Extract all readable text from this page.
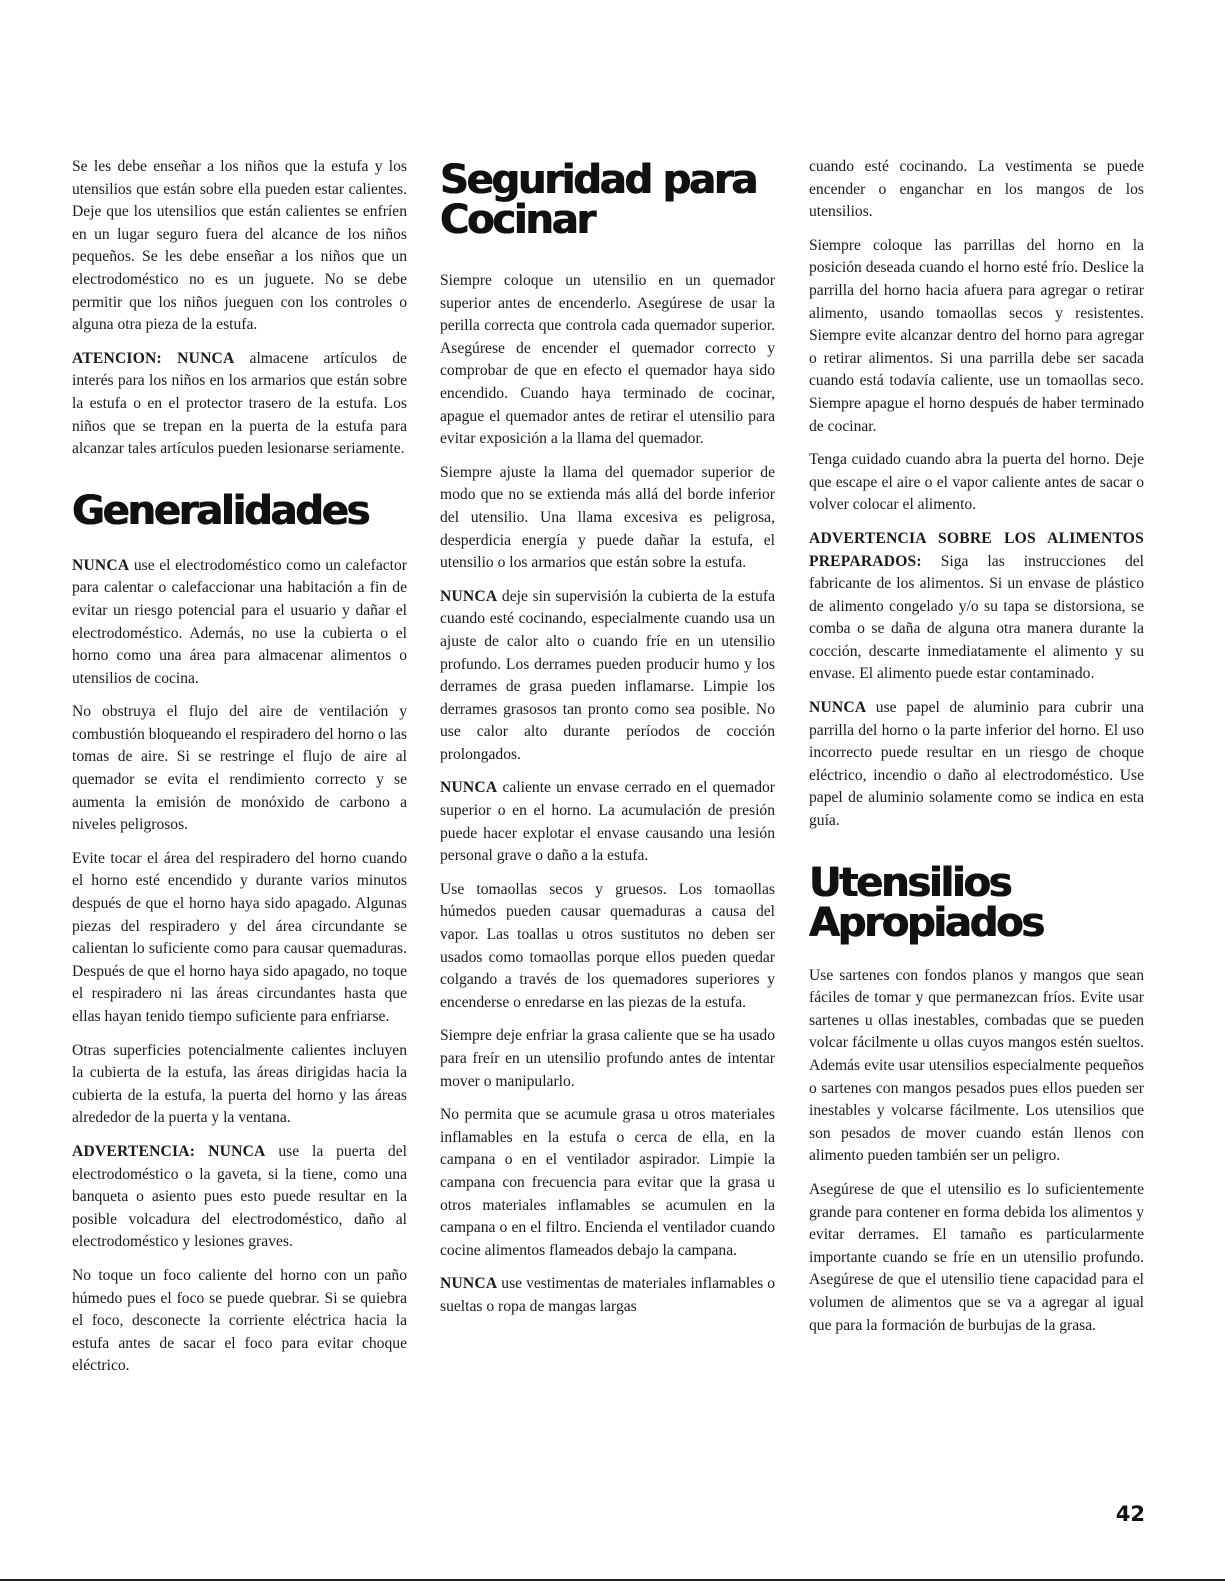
Se les debe enseñar a los niños que la estufa y los utensilios que están sobre ella pueden estar calientes. Deje que los utensilios que están calientes se enfríen en un lugar seguro fuera del alcance de los niños pequeños. Se les debe enseñar a los niños que un electrodoméstico no es un juguete. No se debe permitir que los niños jueguen con los controles o alguna otra pieza de la estufa.

ATENCION: NUNCA almacene artículos de interés para los niños en los armarios que están sobre la estufa o en el protector trasero de la estufa. Los niños que se trepan en la puerta de la estufa para alcanzar tales artículos pueden lesionarse seriamente.

Generalidades

NUNCA use el electrodoméstico como un calefactor para calentar o calefaccionar una habitación a fin de evitar un riesgo potencial para el usuario y dañar el electrodoméstico. Además, no use la cubierta o el horno como una área para almacenar alimentos o utensilios de cocina.

No obstruya el flujo del aire de ventilación y combustión bloqueando el respiradero del horno o las tomas de aire. Si se restringe el flujo de aire al quemador se evita el rendimiento correcto y se aumenta la emisión de monóxido de carbono a niveles peligrosos.

Evite tocar el área del respiradero del horno cuando el horno esté encendido y durante varios minutos después de que el horno haya sido apagado. Algunas piezas del respiradero y del área circundante se calientan lo suficiente como para causar quemaduras. Después de que el horno haya sido apagado, no toque el respiradero ni las áreas circundantes hasta que ellas hayan tenido tiempo suficiente para enfriarse.

Otras superficies potencialmente calientes incluyen la cubierta de la estufa, las áreas dirigidas hacia la cubierta de la estufa, la puerta del horno y las áreas alrededor de la puerta y la ventana.

ADVERTENCIA: NUNCA use la puerta del electrodoméstico o la gaveta, si la tiene, como una banqueta o asiento pues esto puede resultar en la posible volcadura del electrodoméstico, daño al electrodoméstico y lesiones graves.

No toque un foco caliente del horno con un paño húmedo pues el foco se puede quebrar. Si se quiebra el foco, desconecte la corriente eléctrica hacia la estufa antes de sacar el foco para evitar choque eléctrico.

Seguridad para Cocinar

Siempre coloque un utensilio en un quemador superior antes de encenderlo. Asegúrese de usar la perilla correcta que controla cada quemador superior. Asegúrese de encender el quemador correcto y comprobar de que en efecto el quemador haya sido encendido. Cuando haya terminado de cocinar, apague el quemador antes de retirar el utensilio para evitar exposición a la llama del quemador.

Siempre ajuste la llama del quemador superior de modo que no se extienda más allá del borde inferior del utensilio. Una llama excesiva es peligrosa, desperdicia energía y puede dañar la estufa, el utensilio o los armarios que están sobre la estufa.

NUNCA deje sin supervisión la cubierta de la estufa cuando esté cocinando, especialmente cuando usa un ajuste de calor alto o cuando fríe en un utensilio profundo. Los derrames pueden producir humo y los derrames de grasa pueden inflamarse. Limpie los derrames grasosos tan pronto como sea posible. No use calor alto durante períodos de cocción prolongados.

NUNCA caliente un envase cerrado en el quemador superior o en el horno. La acumulación de presión puede hacer explotar el envase causando una lesión personal grave o daño a la estufa.

Use tomaollas secos y gruesos. Los tomaollas húmedos pueden causar quemaduras a causa del vapor. Las toallas u otros sustitutos no deben ser usados como tomaollas porque ellos pueden quedar colgando a través de los quemadores superiores y encenderse o enredarse en las piezas de la estufa.

Siempre deje enfriar la grasa caliente que se ha usado para freír en un utensilio profundo antes de intentar mover o manipularlo.

No permita que se acumule grasa u otros materiales inflamables en la estufa o cerca de ella, en la campana o en el ventilador aspirador. Limpie la campana con frecuencia para evitar que la grasa u otros materiales inflamables se acumulen en la campana o en el filtro. Encienda el ventilador cuando cocine alimentos flameados debajo la campana.

NUNCA use vestimentas de materiales inflamables o sueltas o ropa de mangas largas

cuando esté cocinando. La vestimenta se puede encender o enganchar en los mangos de los utensilios.

Siempre coloque las parrillas del horno en la posición deseada cuando el horno esté frío. Deslice la parrilla del horno hacia afuera para agregar o retirar alimento, usando tomaollas secos y resistentes. Siempre evite alcanzar dentro del horno para agregar o retirar alimentos. Si una parrilla debe ser sacada cuando está todavía caliente, use un tomaollas seco. Siempre apague el horno después de haber terminado de cocinar.

Tenga cuidado cuando abra la puerta del horno. Deje que escape el aire o el vapor caliente antes de sacar o volver colocar el alimento.

ADVERTENCIA SOBRE LOS ALIMENTOS PREPARADOS: Siga las instrucciones del fabricante de los alimentos. Si un envase de plástico de alimento congelado y/o su tapa se distorsiona, se comba o se daña de alguna otra manera durante la cocción, descarte inmediatamente el alimento y su envase. El alimento puede estar contaminado.

NUNCA use papel de aluminio para cubrir una parrilla del horno o la parte inferior del horno. El uso incorrecto puede resultar en un riesgo de choque eléctrico, incendio o daño al electrodoméstico. Use papel de aluminio solamente como se indica en esta guía.

Utensilios Apropiados

Use sartenes con fondos planos y mangos que sean fáciles de tomar y que permanezcan fríos. Evite usar sartenes u ollas inestables, combadas que se pueden volcar fácilmente u ollas cuyos mangos estén sueltos. Además evite usar utensilios especialmente pequeños o sartenes con mangos pesados pues ellos pueden ser inestables y volcarse fácilmente. Los utensilios que son pesados de mover cuando están llenos con alimento pueden también ser un peligro.

Asegúrese de que el utensilio es lo suficientemente grande para contener en forma debida los alimentos y evitar derrames. El tamaño es particularmente importante cuando se fríe en un utensilio profundo. Asegúrese de que el utensilio tiene capacidad para el volumen de alimentos que se va a agregar al igual que para la formación de burbujas de la grasa.

42
